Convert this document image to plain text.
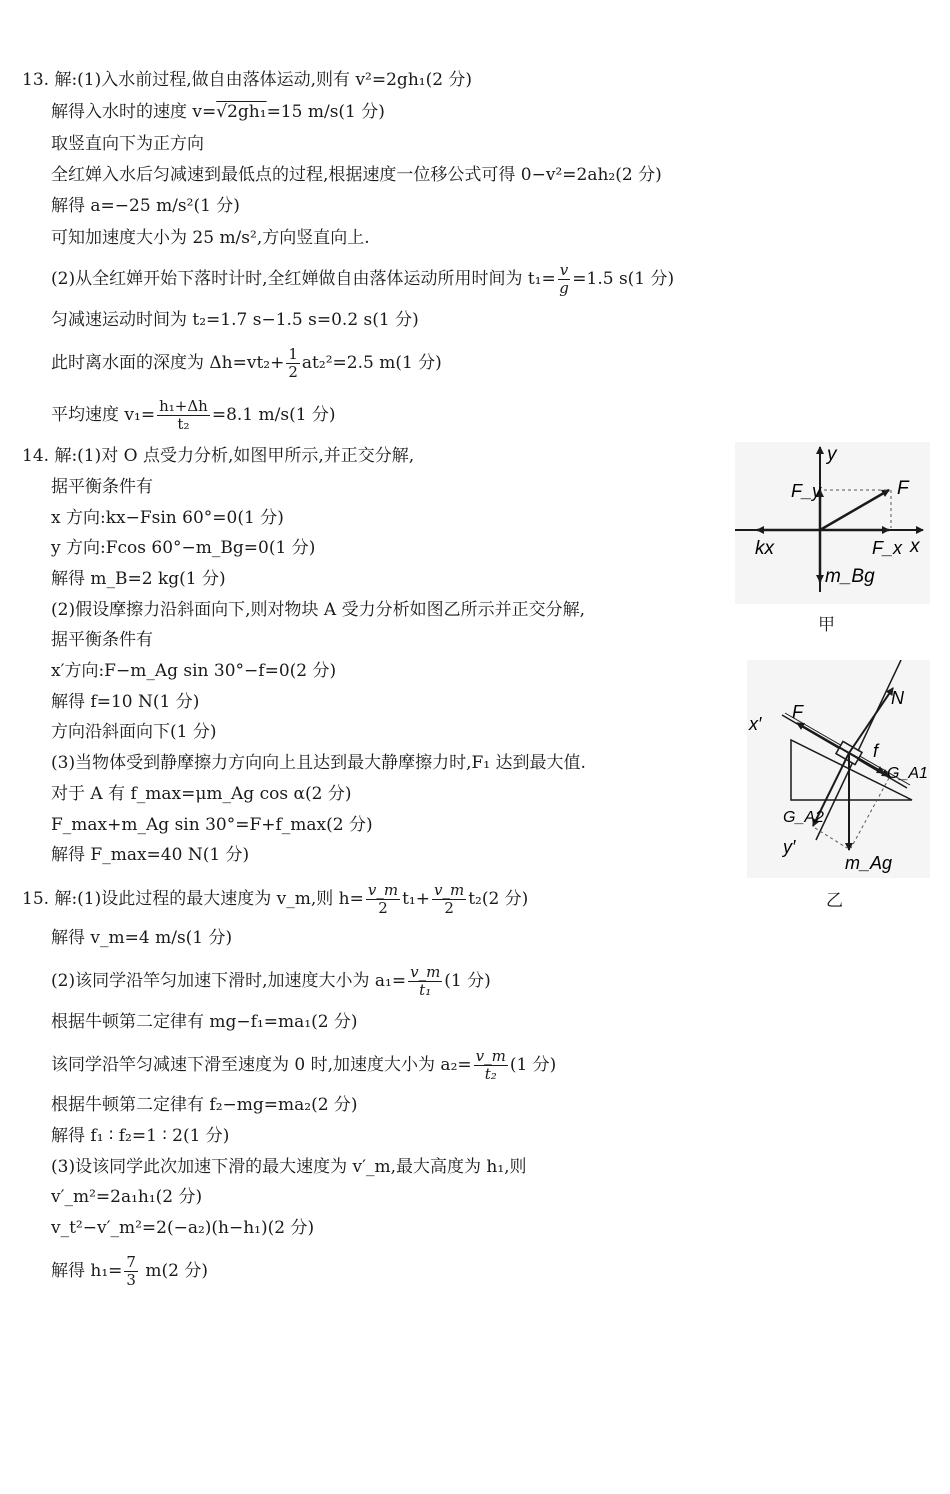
13. 解:(1)入水前过程,做自由落体运动,则有 v²=2gh₁(2 分)
解得入水时的速度 v=√2gh₁=15 m/s(1 分)
取竖直向下为正方向
全红婵入水后匀减速到最低点的过程,根据速度一位移公式可得 0−v²=2ah₂(2 分)
解得 a=−25 m/s²(1 分)
可知加速度大小为 25 m/s²,方向竖直向上.
(2)从全红婵开始下落时计时,全红婵做自由落体运动所用时间为 $t_1= \frac{v}{g} =1.5$ s(1 分)
匀减速运动时间为 t₂=1.7 s−1.5 s=0.2 s(1 分)
此时离水面的深度为 $\Delta h=vt_2+ \frac{1}{2} at_2^2=2.5$ m(1 分)
平均速度 $v_1= \frac{\text{h₁+Δh}}{\text{t₂}} =8.1$ m/s(1 分)
14. 解:(1)对 O 点受力分析,如图甲所示,并正交分解,
据平衡条件有
x 方向:kx−Fsin 60°=0(1 分)
y 方向:Fcos 60°−m_Bg=0(1 分)
解得 m_B=2 kg(1 分)
(2)假设摩擦力沿斜面向下,则对物块 A 受力分析如图乙所示并正交分解,
据平衡条件有
x′方向:F−m_Ag sin 30°−f=0(2 分)
解得 f=10 N(1 分)
方向沿斜面向下(1 分)
(3)当物体受到静摩擦力方向向上且达到最大静摩擦力时,F₁ 达到最大值.
对于 A 有 f_max=μm_Ag cos α(2 分)
F_max+m_Ag sin 30°=F+f_max(2 分)
解得 F_max=40 N(1 分)
15. 解:(1)设此过程的最大速度为 v_m,则 $h= \frac{v\_m}{2} t_1+ \frac{v\_m}{2} t_2(2$ 分)
解得 v_m=4 m/s(1 分)
(2)该同学沿竿匀加速下滑时,加速度大小为 $a_1= \frac{v\_m}{\text{t₁}} (1$ 分)
根据牛顿第二定律有 mg−f₁=ma₁(2 分)
该同学沿竿匀减速下滑至速度为 0 时,加速度大小为 $a_2= \frac{v\_m}{\text{t₂}} (1$ 分)
根据牛顿第二定律有 f₂−mg=ma₂(2 分)
解得 f₁ ∶ f₂=1 ∶ 2(1 分)
(3)设该同学此次加速下滑的最大速度为 v′_m,最大高度为 h₁,则
v′_m²=2a₁h₁(2 分)
v_t²−v′_m²=2(−a₂)(h−h₁)(2 分)
解得 $h_1= \frac{7}{3} m(2$ 分)
y
x
F
F_y
F_x
kx
m_Bg
甲
N
F
x′
y′
f
G_A1
G_A2
m_Ag
乙
